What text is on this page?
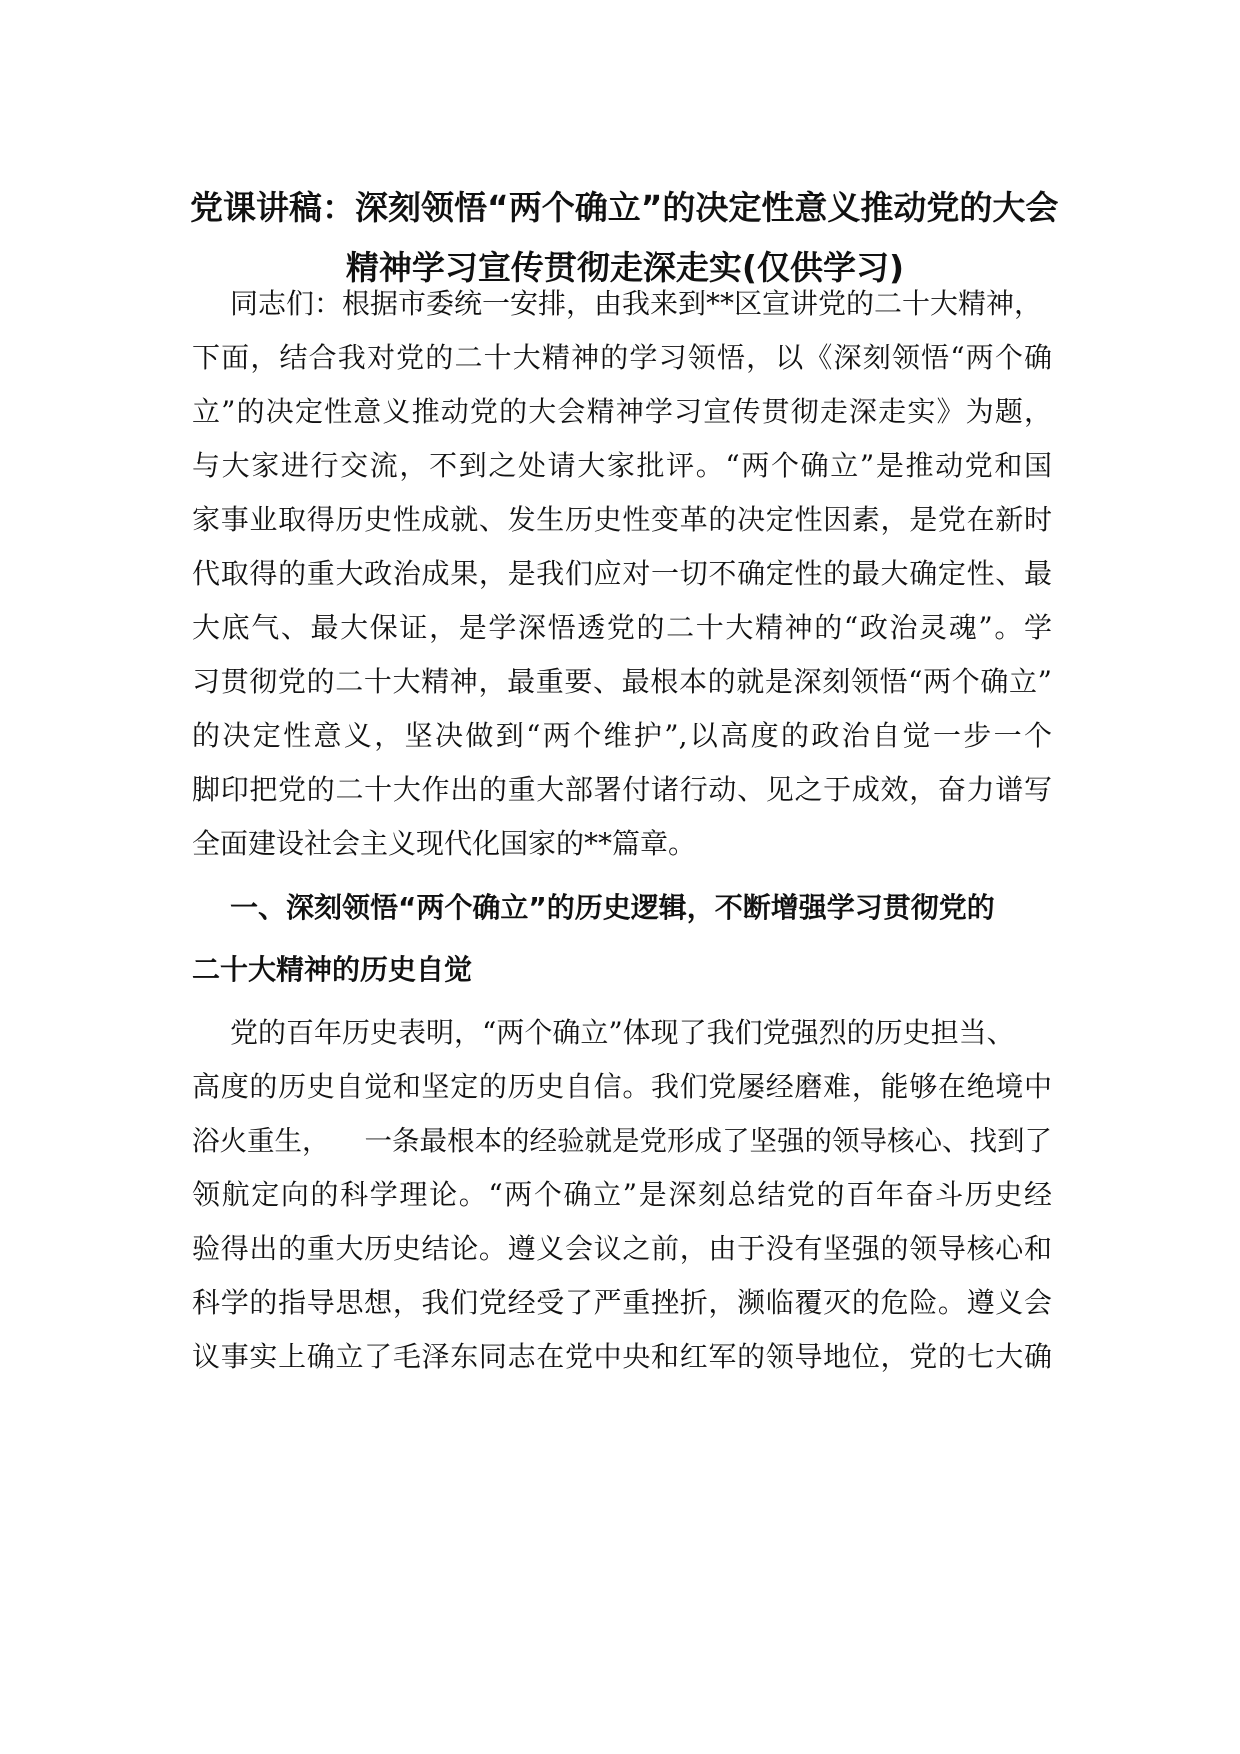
党课讲稿：深刻领悟“两个确立”的决定性意义推动党的大会
精神学习宣传贯彻走深走实(仅供学习)

同志们：根据市委统一安排，由我来到**区宣讲党的二十大精神，

下面，结合我对党的二十大精神的学习领悟，以《深刻领悟“两个确

立”的决定性意义推动党的大会精神学习宣传贯彻走深走实》为题，

与大家进行交流，不到之处请大家批评。“两个确立”是推动党和国

家事业取得历史性成就、发生历史性变革的决定性因素，是党在新时

代取得的重大政治成果，是我们应对一切不确定性的最大确定性、最

大底气、最大保证，是学深悟透党的二十大精神的“政治灵魂”。学

习贯彻党的二十大精神，最重要、最根本的就是深刻领悟“两个确立”

的决定性意义，坚决做到“两个维护”,以高度的政治自觉一步一个

脚印把党的二十大作出的重大部署付诸行动、见之于成效，奋力谱写

全面建设社会主义现代化国家的**篇章。

一、深刻领悟“两个确立”的历史逻辑，不断增强学习贯彻党的

二十大精神的历史自觉

党的百年历史表明，“两个确立”体现了我们党强烈的历史担当、

高度的历史自觉和坚定的历史自信。我们党屡经磨难，能够在绝境中

浴火重生，    一条最根本的经验就是党形成了坚强的领导核心、找到了

领航定向的科学理论。“两个确立”是深刻总结党的百年奋斗历史经

验得出的重大历史结论。遵义会议之前，由于没有坚强的领导核心和

科学的指导思想，我们党经受了严重挫折，濒临覆灭的危险。遵义会

议事实上确立了毛泽东同志在党中央和红军的领导地位，党的七大确
